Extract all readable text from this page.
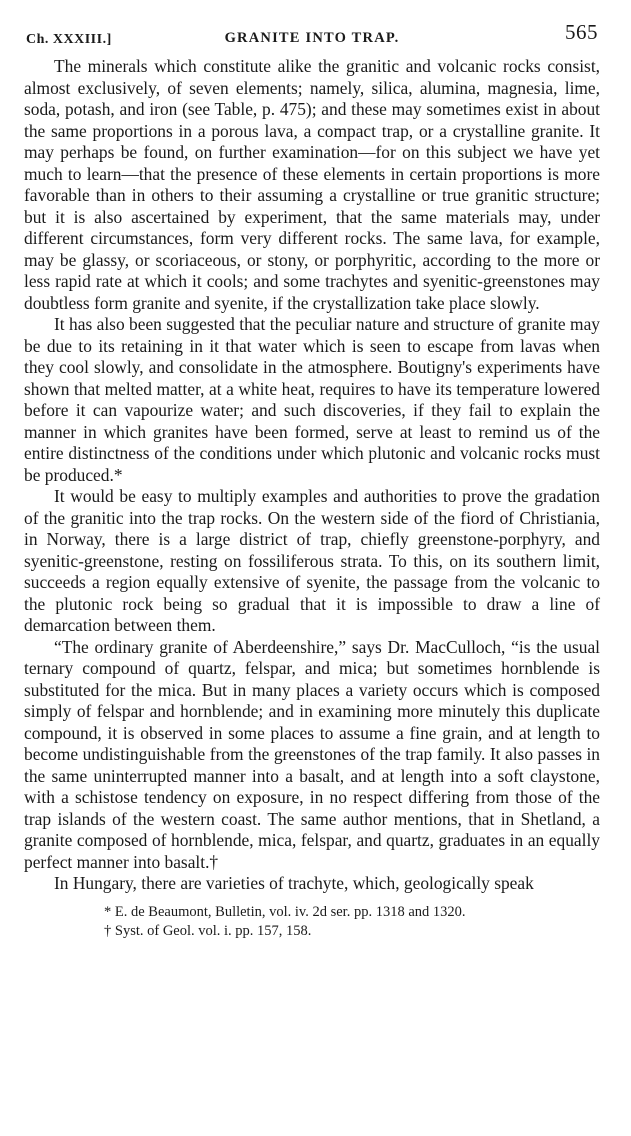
Ch. XXXIII.]	GRANITE INTO TRAP.	565

The minerals which constitute alike the granitic and volcanic rocks consist, almost exclusively, of seven elements; namely, silica, alumina, magnesia, lime, soda, potash, and iron (see Table, p. 475); and these may sometimes exist in about the same proportions in a porous lava, a compact trap, or a crystalline granite. It may perhaps be found, on further examination—for on this subject we have yet much to learn—that the presence of these elements in certain proportions is more favorable than in others to their assuming a crystalline or true granitic structure; but it is also ascertained by experiment, that the same materials may, under different circumstances, form very different rocks. The same lava, for example, may be glassy, or scoriaceous, or stony, or porphyritic, according to the more or less rapid rate at which it cools; and some trachytes and syenitic-greenstones may doubtless form granite and syenite, if the crystallization take place slowly.

It has also been suggested that the peculiar nature and structure of granite may be due to its retaining in it that water which is seen to escape from lavas when they cool slowly, and consolidate in the atmosphere. Boutigny's experiments have shown that melted matter, at a white heat, requires to have its temperature lowered before it can vapourize water; and such discoveries, if they fail to explain the manner in which granites have been formed, serve at least to remind us of the entire distinctness of the conditions under which plutonic and volcanic rocks must be produced.*

It would be easy to multiply examples and authorities to prove the gradation of the granitic into the trap rocks. On the western side of the fiord of Christiania, in Norway, there is a large district of trap, chiefly greenstone-porphyry, and syenitic-greenstone, resting on fossiliferous strata. To this, on its southern limit, succeeds a region equally extensive of syenite, the passage from the volcanic to the plutonic rock being so gradual that it is impossible to draw a line of demarcation between them.

“The ordinary granite of Aberdeenshire,” says Dr. MacCulloch, “is the usual ternary compound of quartz, felspar, and mica; but sometimes hornblende is substituted for the mica. But in many places a variety occurs which is composed simply of felspar and hornblende; and in examining more minutely this duplicate compound, it is observed in some places to assume a fine grain, and at length to become undistinguishable from the greenstones of the trap family. It also passes in the same uninterrupted manner into a basalt, and at length into a soft claystone, with a schistose tendency on exposure, in no respect differing from those of the trap islands of the western coast. The same author mentions, that in Shetland, a granite composed of hornblende, mica, felspar, and quartz, graduates in an equally perfect manner into basalt.†

In Hungary, there are varieties of trachyte, which, geologically speak

* E. de Beaumont, Bulletin, vol. iv. 2d ser. pp. 1318 and 1320.
† Syst. of Geol. vol. i. pp. 157, 158.
